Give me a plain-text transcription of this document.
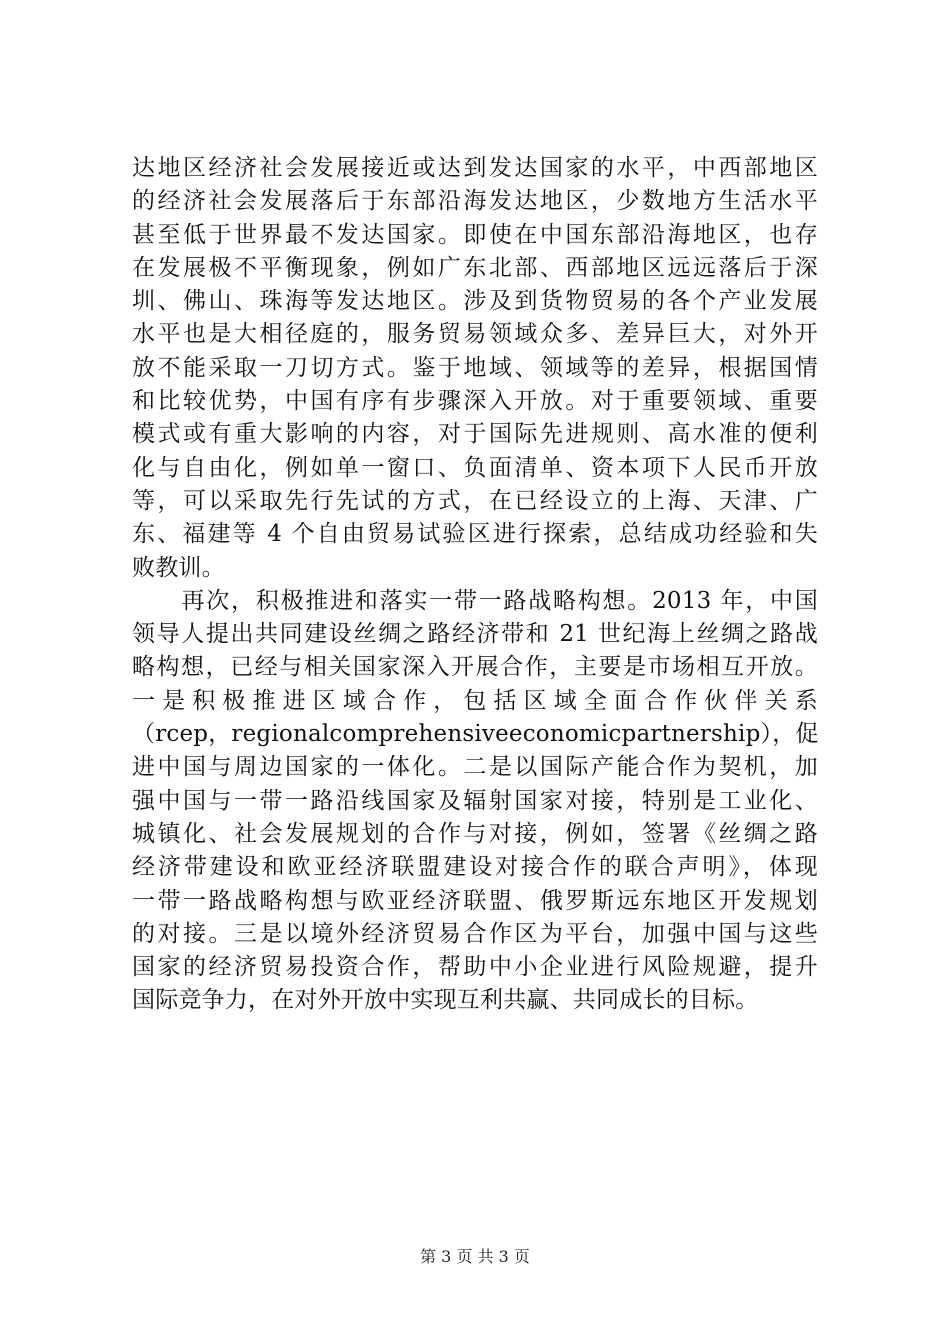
达地区经济社会发展接近或达到发达国家的水平，中西部地区
的经济社会发展落后于东部沿海发达地区，少数地方生活水平
甚至低于世界最不发达国家。即使在中国东部沿海地区，也存
在发展极不平衡现象，例如广东北部、西部地区远远落后于深
圳、佛山、珠海等发达地区。涉及到货物贸易的各个产业发展
水平也是大相径庭的，服务贸易领域众多、差异巨大，对外开
放不能采取一刀切方式。鉴于地域、领域等的差异，根据国情
和比较优势，中国有序有步骤深入开放。对于重要领域、重要
模式或有重大影响的内容，对于国际先进规则、高水准的便利
化与自由化，例如单一窗口、负面清单、资本项下人民币开放
等，可以采取先行先试的方式，在已经设立的上海、天津、广
东、福建等 4 个自由贸易试验区进行探索，总结成功经验和失
败教训。
　　再次，积极推进和落实一带一路战略构想。2013 年，中国
领导人提出共同建设丝绸之路经济带和 21 世纪海上丝绸之路战
略构想，已经与相关国家深入开展合作，主要是市场相互开放。
一是积极推进区域合作，包括区域全面合作伙伴关系
（rcep，regionalcomprehensiveeconomicpartnership），促
进中国与周边国家的一体化。二是以国际产能合作为契机，加
强中国与一带一路沿线国家及辐射国家对接，特别是工业化、
城镇化、社会发展规划的合作与对接，例如，签署《丝绸之路
经济带建设和欧亚经济联盟建设对接合作的联合声明》，体现
一带一路战略构想与欧亚经济联盟、俄罗斯远东地区开发规划
的对接。三是以境外经济贸易合作区为平台，加强中国与这些
国家的经济贸易投资合作，帮助中小企业进行风险规避，提升
国际竞争力，在对外开放中实现互利共赢、共同成长的目标。
第 3 页 共 3 页
